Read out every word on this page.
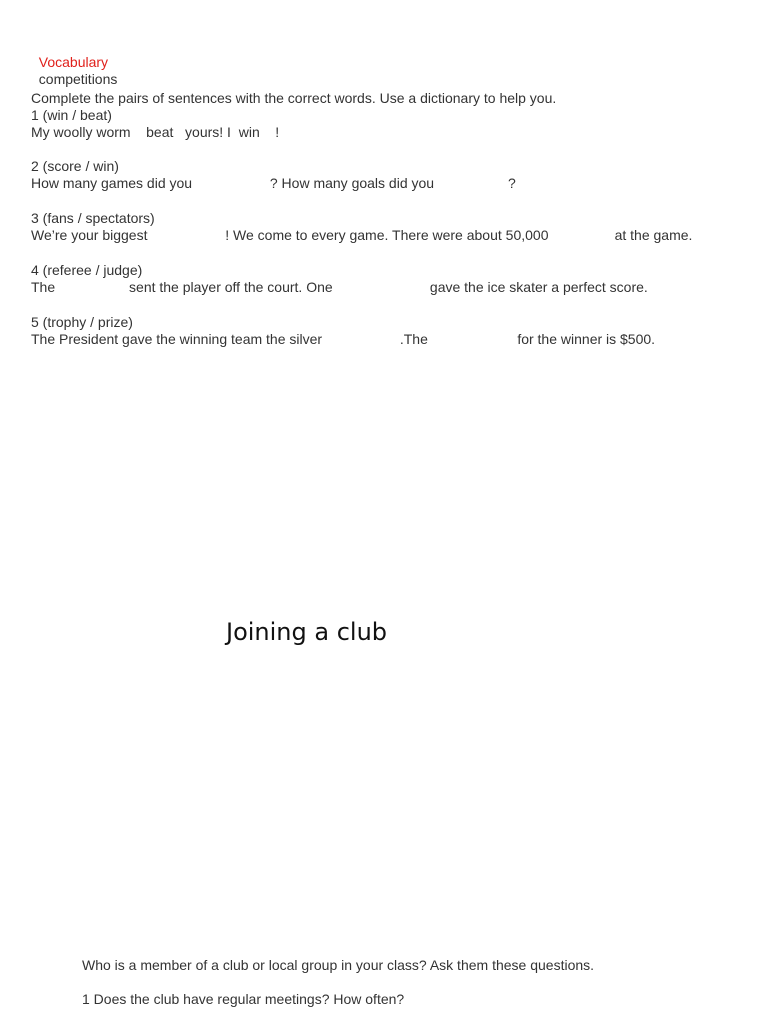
Vocabulary
competitions

Complete the pairs of sentences with the correct words. Use a dictionary to help you.
1 (win / beat)
My woolly worm    beat   yours! I  win    !
2 (score / win)
How many games did you                    ? How many goals did you                   ?
3 (fans / spectators)
We’re your biggest                    ! We come to every game. There were about 50,000                 at the game.
4 (referee / judge)
The                   sent the player off the court. One                         gave the ice skater a perfect score.
5 (trophy / prize)
The President gave the winning team the silver                    .The                       for the winner is $500.
Joining a club
Who is a member of a club or local group in your class? Ask them these questions.
1 Does the club have regular meetings? How often?
